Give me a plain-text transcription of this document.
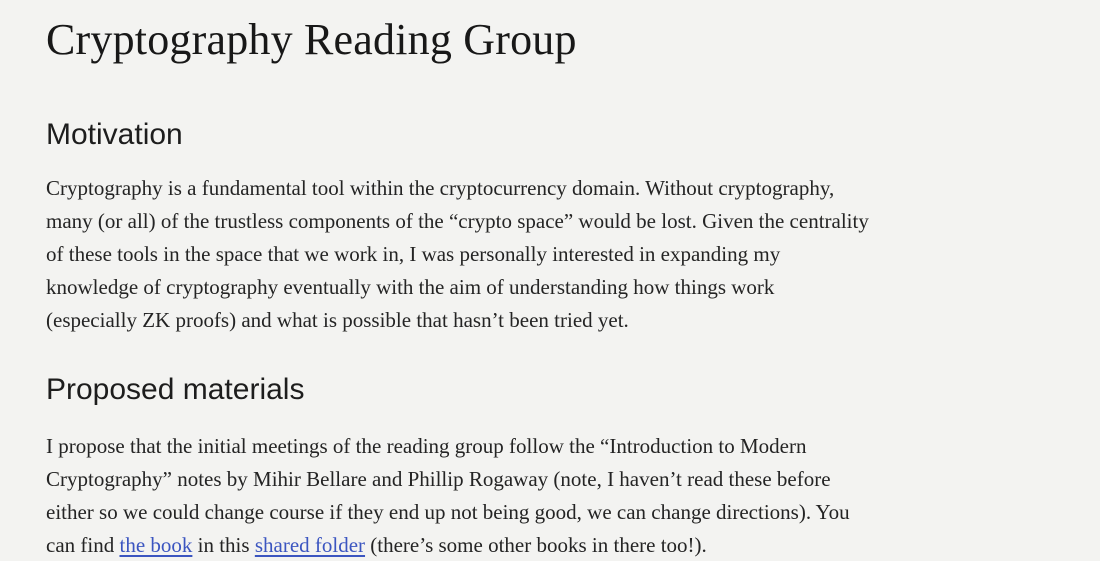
Cryptography Reading Group
Motivation
Cryptography is a fundamental tool within the cryptocurrency domain. Without cryptography,
many (or all) of the trustless components of the “crypto space” would be lost. Given the centrality
of these tools in the space that we work in, I was personally interested in expanding my
knowledge of cryptography eventually with the aim of understanding how things work
(especially ZK proofs) and what is possible that hasn’t been tried yet.
Proposed materials
I propose that the initial meetings of the reading group follow the “Introduction to Modern
Cryptography” notes by Mihir Bellare and Phillip Rogaway (note, I haven’t read these before
either so we could change course if they end up not being good, we can change directions). You
can find the book in this shared folder (there’s some other books in there too!).
